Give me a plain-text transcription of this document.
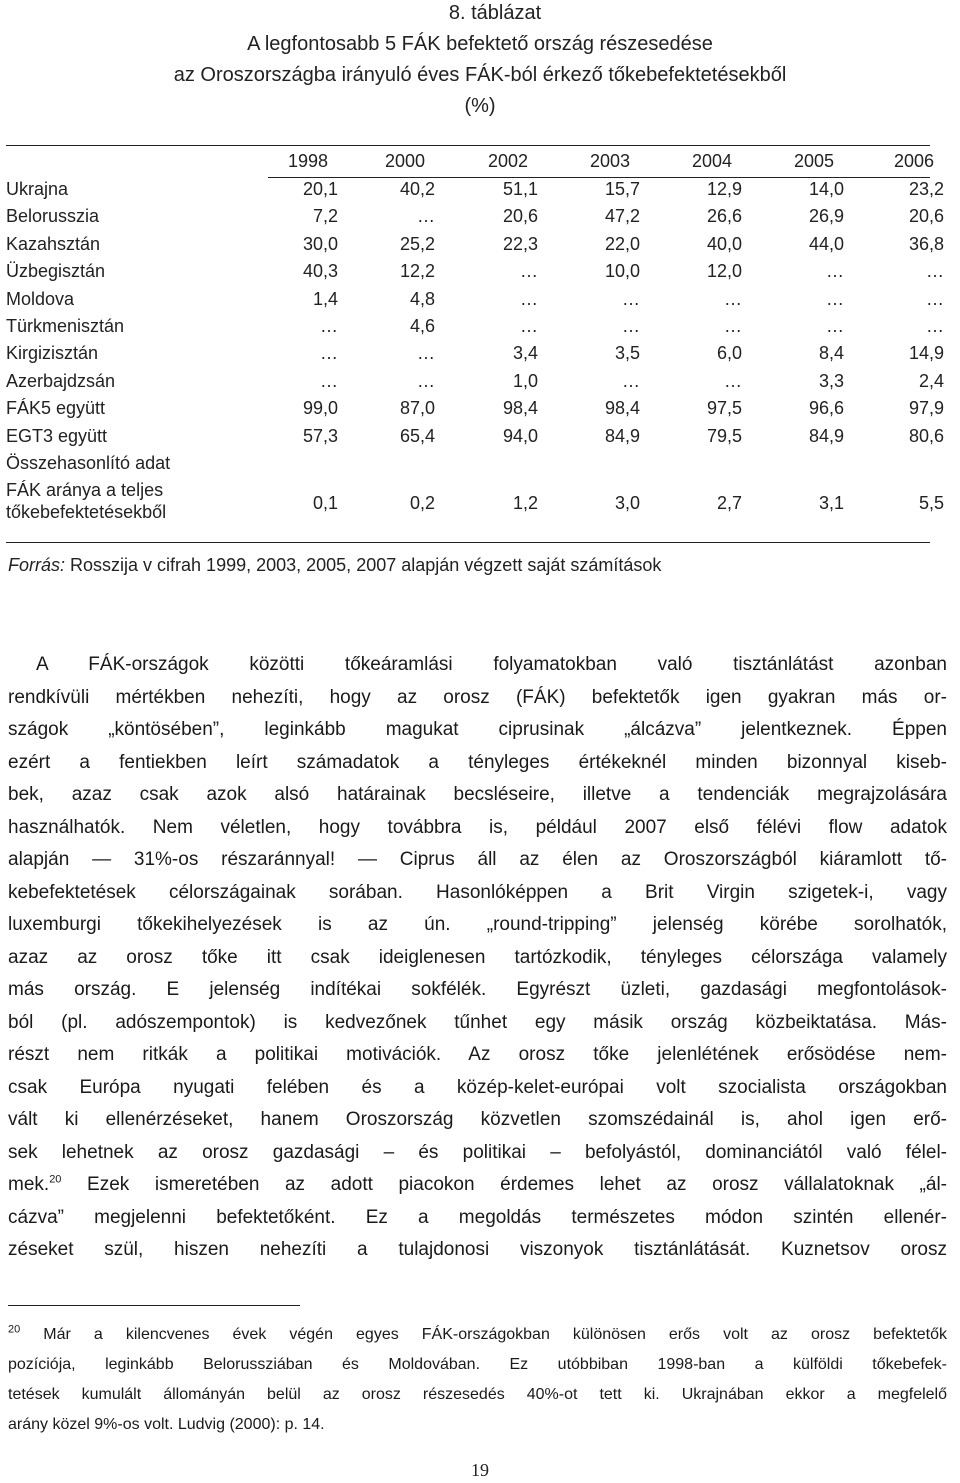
8. táblázat
A legfontosabb 5 FÁK befektető ország részesedése
az Oroszországba irányuló éves FÁK-ból érkező tőkebefektetésekből
(%)
1998	2000	2002	2003	2004	2005	2006
Ukrajna	20,1	40,2	51,1	15,7	12,9	14,0	23,2
Belorusszia	7,2	…	20,6	47,2	26,6	26,9	20,6
Kazahsztán	30,0	25,2	22,3	22,0	40,0	44,0	36,8
Üzbegisztán	40,3	12,2	…	10,0	12,0	…	…
Moldova	1,4	4,8	…	…	…	…	…
Türkmenisztán	…	4,6	…	…	…	…	…
Kirgizisztán	…	…	3,4	3,5	6,0	8,4	14,9
Azerbajdzsán	…	…	1,0	…	…	3,3	2,4
FÁK5 együtt	99,0	87,0	98,4	98,4	97,5	96,6	97,9
EGT3 együtt	57,3	65,4	94,0	84,9	79,5	84,9	80,6
Összehasonlító adat
FÁK aránya a teljes
tőkebefektetésekből	0,1	0,2	1,2	3,0	2,7	3,1	5,5
Forrás: Rosszija v cifrah 1999, 2003, 2005, 2007 alapján végzett saját számítások
A FÁK-országok közötti tőkeáramlási folyamatokban való tisztánlátást azonban
rendkívüli mértékben nehezíti, hogy az orosz (FÁK) befektetők igen gyakran más or-
szágok „köntösében”, leginkább magukat ciprusinak „álcázva” jelentkeznek. Éppen
ezért a fentiekben leírt számadatok a tényleges értékeknél minden bizonnyal kiseb-
bek, azaz csak azok alsó határainak becsléseire, illetve a tendenciák megrajzolására
használhatók. Nem véletlen, hogy továbbra is, például 2007 első félévi flow adatok
alapján — 31%-os részaránnyal! — Ciprus áll az élen az Oroszországból kiáramlott tő-
kebefektetések célországainak sorában. Hasonlóképpen a Brit Virgin szigetek-i, vagy
luxemburgi tőkekihelyezések is az ún. „round-tripping” jelenség körébe sorolhatók,
azaz az orosz tőke itt csak ideiglenesen tartózkodik, tényleges célországa valamely
más ország. E jelenség indítékai sokfélék. Egyrészt üzleti, gazdasági megfontolások-
ból (pl. adószempontok) is kedvezőnek tűnhet egy másik ország közbeiktatása. Más-
részt nem ritkák a politikai motivációk. Az orosz tőke jelenlétének erősödése nem-
csak Európa nyugati felében és a közép-kelet-európai volt szocialista országokban
vált ki ellenérzéseket, hanem Oroszország közvetlen szomszédainál is, ahol igen erő-
sek lehetnek az orosz gazdasági – és politikai – befolyástól, dominanciától való félel-
mek.$^{20}$ Ezek ismeretében az adott piacokon érdemes lehet az orosz vállalatoknak „ál-
cázva” megjelenni befektetőként. Ez a megoldás természetes módon szintén ellenér-
zéseket szül, hiszen nehezíti a tulajdonosi viszonyok tisztánlátását. Kuznetsov orosz
$^{20}$ Már a kilencvenes évek végén egyes FÁK-országokban különösen erős volt az orosz befektetők
pozíciója, leginkább Belorussziában és Moldovában. Ez utóbbiban 1998-ban a külföldi tőkebefek-
tetések kumulált állományán belül az orosz részesedés 40%-ot tett ki. Ukrajnában ekkor a megfelelő
arány közel 9%-os volt. Ludvig (2000): p. 14.
19
